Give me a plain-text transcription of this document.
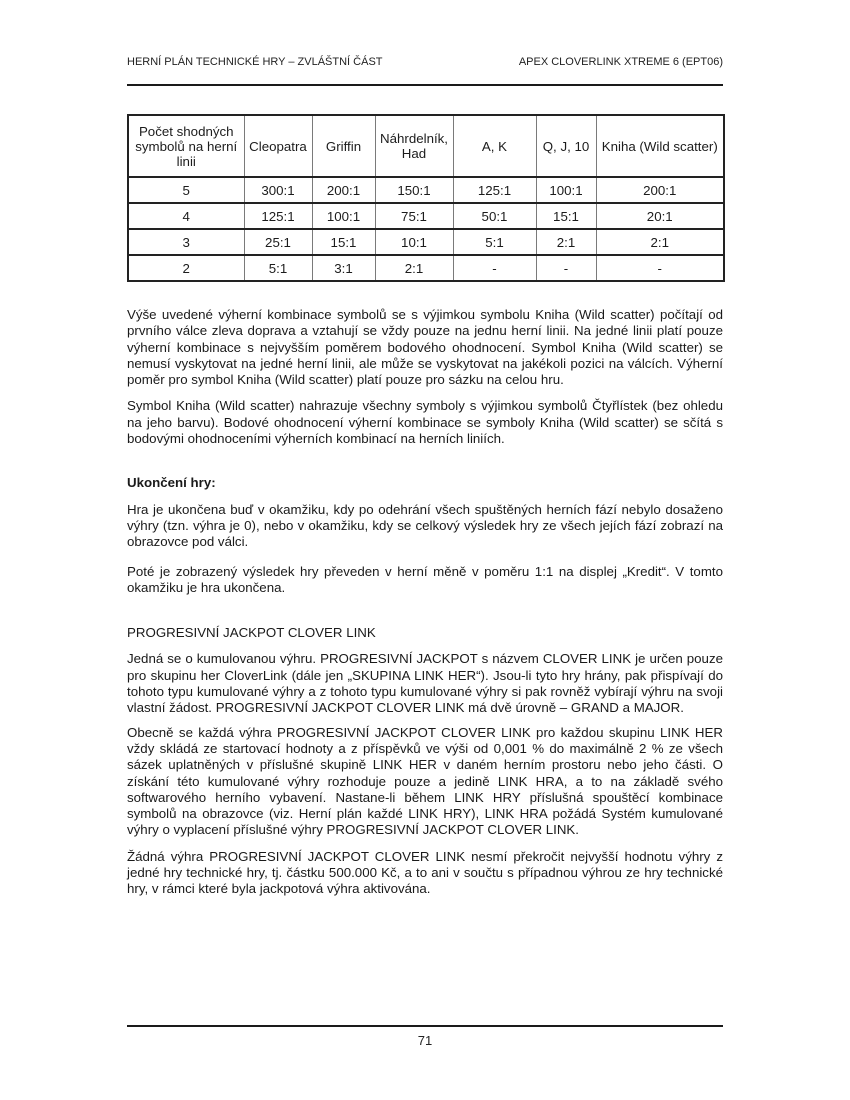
HERNÍ PLÁN TECHNICKÉ HRY – ZVLÁŠTNÍ ČÁST	APEX CLOVERLINK XTREME 6 (EPT06)
Počet shodných symbolů na herní linii	Cleopatra	Griffin	Náhrdelník, Had	A, K	Q, J, 10	Kniha (Wild scatter)
5	300:1	200:1	150:1	125:1	100:1	200:1
4	125:1	100:1	75:1	50:1	15:1	20:1
3	25:1	15:1	10:1	5:1	2:1	2:1
2	5:1	3:1	2:1	-	-	-

Výše uvedené výherní kombinace symbolů se s výjimkou symbolu Kniha (Wild scatter) počítají od prvního válce zleva doprava a vztahují se vždy pouze na jednu herní linii. Na jedné linii platí pouze výherní kombinace s nejvyšším poměrem bodového ohodnocení. Symbol Kniha (Wild scatter) se nemusí vyskytovat na jedné herní linii, ale může se vyskytovat na jakékoli pozici na válcích. Výherní poměr pro symbol Kniha (Wild scatter) platí pouze pro sázku na celou hru.

Symbol Kniha (Wild scatter) nahrazuje všechny symboly s výjimkou symbolů Čtyřlístek (bez ohledu na jeho barvu). Bodové ohodnocení výherní kombinace se symboly Kniha (Wild scatter) se sčítá s bodovými ohodnoceními výherních kombinací na herních liniích.

Ukončení hry:

Hra je ukončena buď v okamžiku, kdy po odehrání všech spuštěných herních fází nebylo dosaženo výhry (tzn. výhra je 0), nebo v okamžiku, kdy se celkový výsledek hry ze všech jejích fází zobrazí na obrazovce pod válci.

Poté je zobrazený výsledek hry převeden v herní měně v poměru 1:1 na displej „Kredit“. V tomto okamžiku je hra ukončena.

PROGRESIVNÍ JACKPOT CLOVER LINK

Jedná se o kumulovanou výhru. PROGRESIVNÍ JACKPOT s názvem CLOVER LINK je určen pouze pro skupinu her CloverLink (dále jen „SKUPINA LINK HER“). Jsou-li tyto hry hrány, pak přispívají do tohoto typu kumulované výhry a z tohoto typu kumulované výhry si pak rovněž vybírají výhru na svoji vlastní žádost. PROGRESIVNÍ JACKPOT CLOVER LINK má dvě úrovně – GRAND a MAJOR.

Obecně se každá výhra PROGRESIVNÍ JACKPOT CLOVER LINK pro každou skupinu LINK HER vždy skládá ze startovací hodnoty a z příspěvků ve výši od 0,001 % do maximálně 2 % ze všech sázek uplatněných v příslušné skupině LINK HER v daném herním prostoru nebo jeho části. O získání této kumulované výhry rozhoduje pouze a jedině LINK HRA, a to na základě svého softwarového herního vybavení. Nastane-li během LINK HRY příslušná spouštěcí kombinace symbolů na obrazovce (viz. Herní plán každé LINK HRY), LINK HRA požádá Systém kumulované výhry o vyplacení příslušné výhry PROGRESIVNÍ JACKPOT CLOVER LINK.

Žádná výhra PROGRESIVNÍ JACKPOT CLOVER LINK nesmí překročit nejvyšší hodnotu výhry z jedné hry technické hry, tj. částku 500.000 Kč, a to ani v součtu s případnou výhrou ze hry technické hry, v rámci které byla jackpotová výhra aktivována.

71
